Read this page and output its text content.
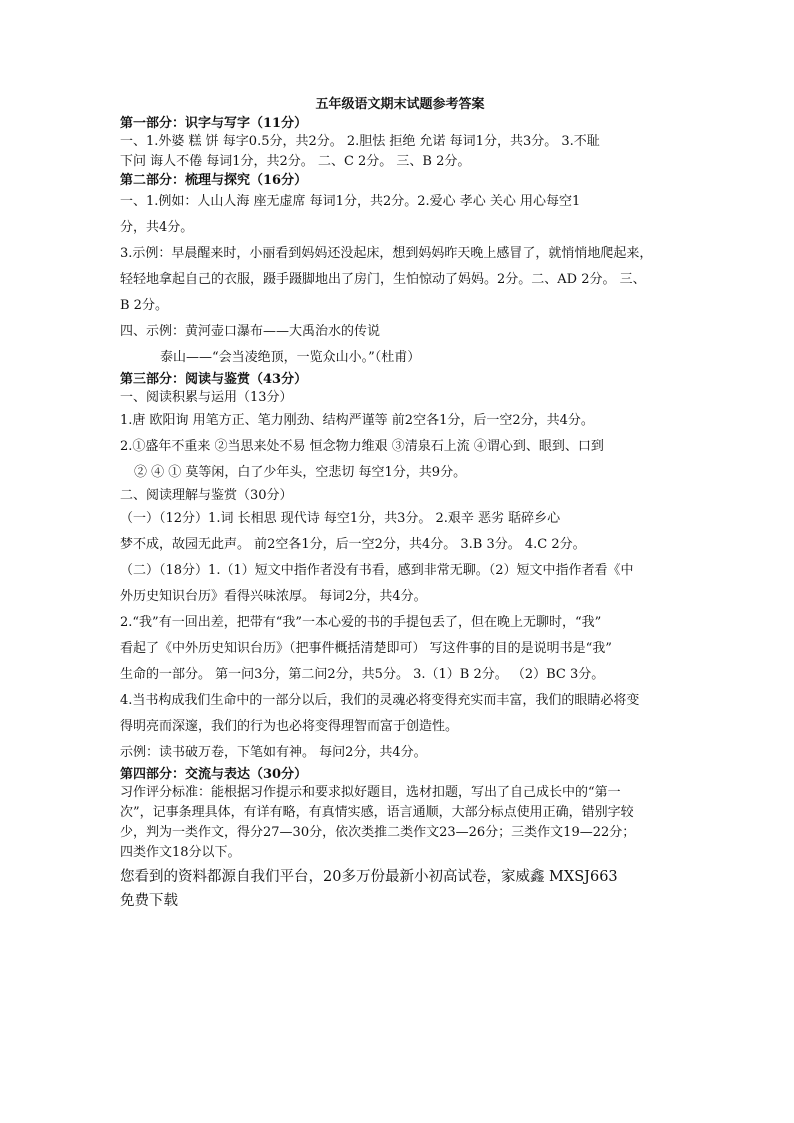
五年级语文期末试题参考答案

第一部分：识字与写字（11分）

一、1.外婆 糕 饼 每字0.5分，共2分。 2.胆怯 拒绝 允诺 每词1分，共3分。 3.不耻

下问 诲人不倦 每词1分，共2分。 二、C 2分。 三、B 2分。

第二部分：梳理与探究（16分）

一、1.例如：人山人海 座无虚席 每词1分，共2分。2.爱心 孝心 关心 用心每空1

分，共4分。

3.示例：早晨醒来时，小丽看到妈妈还没起床，想到妈妈昨天晚上感冒了，就悄悄地爬起来，

轻轻地拿起自己的衣服，蹑手蹑脚地出了房门，生怕惊动了妈妈。2分。二、AD 2分。 三、

B 2分。

四、示例：黄河壶口瀑布——大禹治水的传说

泰山——“会当凌绝顶，一览众山小。”（杜甫）

第三部分：阅读与鉴赏（43分）

一、阅读积累与运用（13分）

1.唐 欧阳询 用笔方正、笔力刚劲、结构严谨等 前2空各1分，后一空2分，共4分。

2.①盛年不重来 ②当思来处不易 恒念物力维艰 ③清泉石上流 ④谓心到、眼到、口到

② ④ ① 莫等闲，白了少年头，空悲切 每空1分，共9分。

二、阅读理解与鉴赏（30分）

（一）（12分）1.词 长相思 现代诗 每空1分，共3分。 2.艰辛 恶劣 聒碎乡心

梦不成，故园无此声。 前2空各1分，后一空2分，共4分。 3.B 3分。 4.C 2分。

（二）（18分）1.（1）短文中指作者没有书看，感到非常无聊。（2）短文中指作者看《中

外历史知识台历》看得兴味浓厚。 每词2分，共4分。

2.“我”有一回出差，把带有“我”一本心爱的书的手提包丢了，但在晚上无聊时，“我”

看起了《中外历史知识台历》（把事件概括清楚即可） 写这件事的目的是说明书是“我”

生命的一部分。 第一问3分，第二问2分，共5分。 3.（1）B 2分。 （2）BC 3分。

4.当书构成我们生命中的一部分以后，我们的灵魂必将变得充实而丰富，我们的眼睛必将变

得明亮而深邃，我们的行为也必将变得理智而富于创造性。

示例：读书破万卷，下笔如有神。 每问2分，共4分。

第四部分：交流与表达（30分）

习作评分标准：能根据习作提示和要求拟好题目，选材扣题，写出了自己成长中的“第一

次”，记事条理具体，有详有略，有真情实感，语言通顺，大部分标点使用正确，错别字较

少，判为一类作文，得分27—30分，依次类推二类作文23—26分；三类作文19—22分；

四类作文18分以下。

您看到的资料都源自我们平台，20多万份最新小初高试卷，家威鑫 MXSJ663

免费下载
